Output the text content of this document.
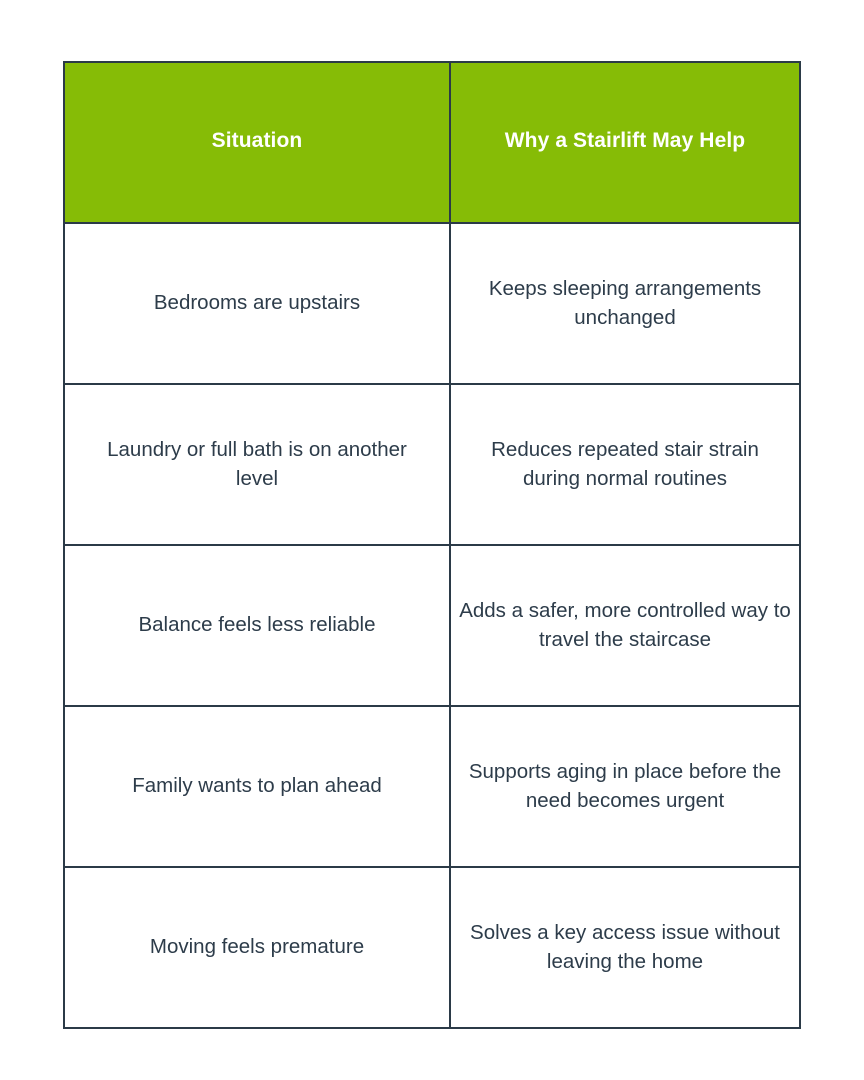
Situation	Why a Stairlift May Help
Bedrooms are upstairs	Keeps sleeping arrangements unchanged
Laundry or full bath is on another level	Reduces repeated stair strain during normal routines
Balance feels less reliable	Adds a safer, more controlled way to travel the staircase
Family wants to plan ahead	Supports aging in place before the need becomes urgent
Moving feels premature	Solves a key access issue without leaving the home
